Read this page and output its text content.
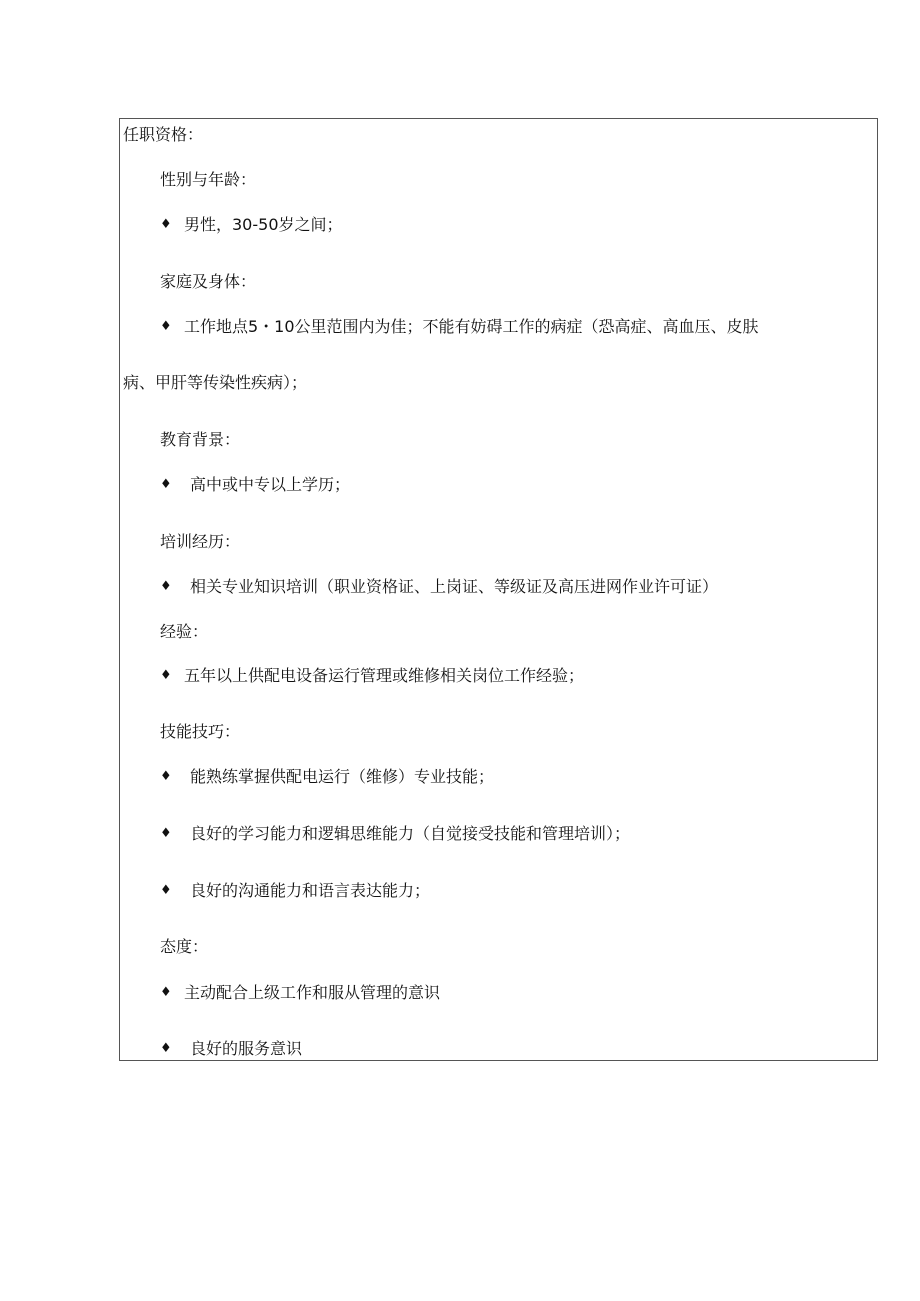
任职资格：
性别与年龄：
♦ 男性，30-50岁之间；
家庭及身体：
♦ 工作地点5・10公里范围内为佳；不能有妨碍工作的病症（恐高症、高血压、皮肤
病、甲肝等传染性疾病）；
教育背景：
♦ 高中或中专以上学历；
培训经历：
♦ 相关专业知识培训（职业资格证、上岗证、等级证及高压进网作业许可证）
经验：
♦ 五年以上供配电设备运行管理或维修相关岗位工作经验；
技能技巧：
♦ 能熟练掌握供配电运行（维修）专业技能；
♦ 良好的学习能力和逻辑思维能力（自觉接受技能和管理培训）；
♦ 良好的沟通能力和语言表达能力；
态度：
♦ 主动配合上级工作和服从管理的意识
♦ 良好的服务意识
